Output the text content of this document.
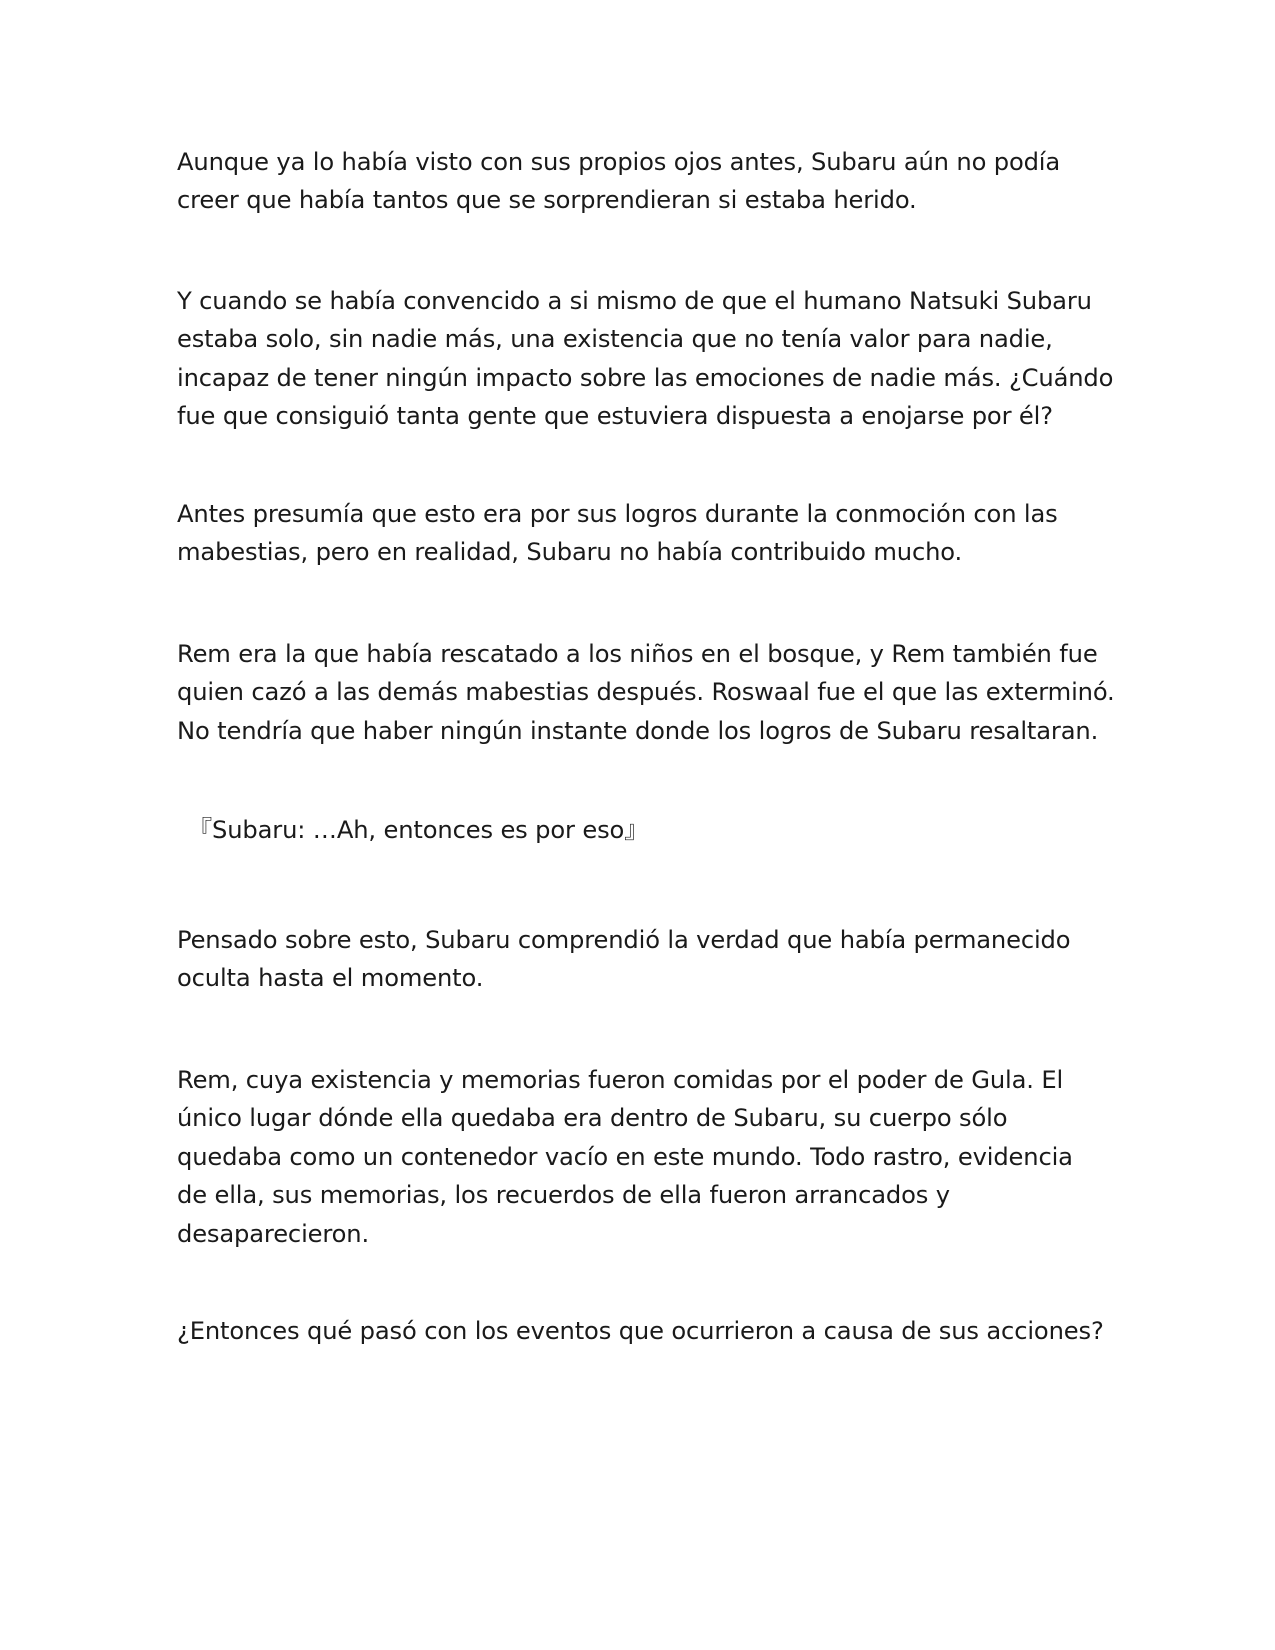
Aunque ya lo había visto con sus propios ojos antes, Subaru aún no podía
creer que había tantos que se sorprendieran si estaba herido.

Y cuando se había convencido a si mismo de que el humano Natsuki Subaru
estaba solo, sin nadie más, una existencia que no tenía valor para nadie,
incapaz de tener ningún impacto sobre las emociones de nadie más. ¿Cuándo
fue que consiguió tanta gente que estuviera dispuesta a enojarse por él?

Antes presumía que esto era por sus logros durante la conmoción con las
mabestias, pero en realidad, Subaru no había contribuido mucho.

Rem era la que había rescatado a los niños en el bosque, y Rem también fue
quien cazó a las demás mabestias después. Roswaal fue el que las exterminó.
No tendría que haber ningún instante donde los logros de Subaru resaltaran.

『Subaru: …Ah, entonces es por eso』

Pensado sobre esto, Subaru comprendió la verdad que había permanecido
oculta hasta el momento.

Rem, cuya existencia y memorias fueron comidas por el poder de Gula. El
único lugar dónde ella quedaba era dentro de Subaru, su cuerpo sólo
quedaba como un contenedor vacío en este mundo. Todo rastro, evidencia
de ella, sus memorias, los recuerdos de ella fueron arrancados y
desaparecieron.

¿Entonces qué pasó con los eventos que ocurrieron a causa de sus acciones?
